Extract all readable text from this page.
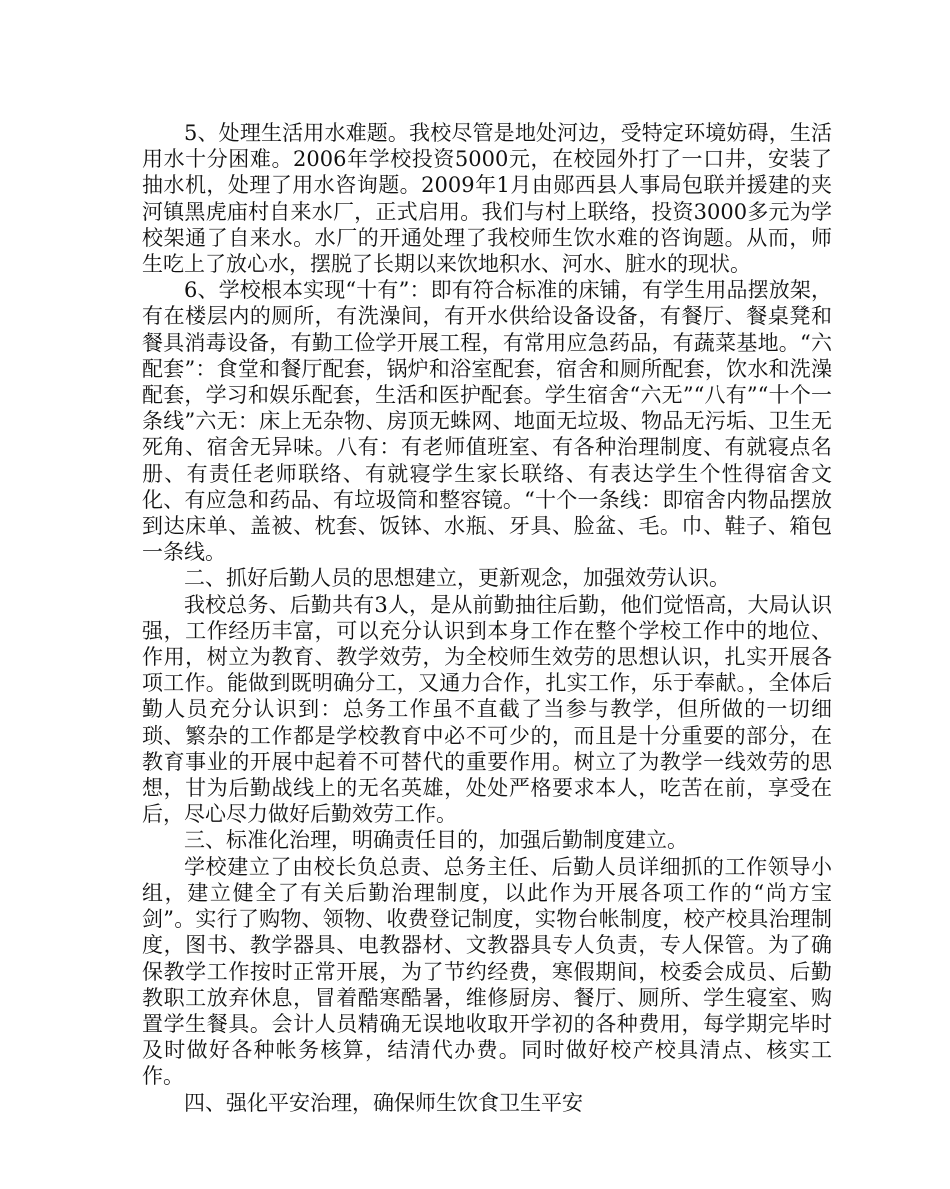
5、处理生活用水难题。我校尽管是地处河边，受特定环境妨碍，生活用水十分困难。2006年学校投资5000元，在校园外打了一口井，安装了抽水机，处理了用水咨询题。2009年1月由郧西县人事局包联并援建的夹河镇黑虎庙村自来水厂，正式启用。我们与村上联络，投资3000多元为学校架通了自来水。水厂的开通处理了我校师生饮水难的咨询题。从而，师生吃上了放心水，摆脱了长期以来饮地积水、河水、脏水的现状。

6、学校根本实现“十有”：即有符合标准的床铺，有学生用品摆放架，有在楼层内的厕所，有洗澡间，有开水供给设备设备，有餐厅、餐桌凳和餐具消毒设备，有勤工俭学开展工程，有常用应急药品，有蔬菜基地。“六配套”：食堂和餐厅配套，锅炉和浴室配套，宿舍和厕所配套，饮水和洗澡配套，学习和娱乐配套，生活和医护配套。学生宿舍“六无”“八有”“十个一条线”六无：床上无杂物、房顶无蛛网、地面无垃圾、物品无污垢、卫生无死角、宿舍无异味。八有：有老师值班室、有各种治理制度、有就寝点名册、有责任老师联络、有就寝学生家长联络、有表达学生个性得宿舍文化、有应急和药品、有垃圾筒和整容镜。“十个一条线：即宿舍内物品摆放到达床单、盖被、枕套、饭钵、水瓶、牙具、脸盆、毛。巾、鞋子、箱包一条线。

二、抓好后勤人员的思想建立，更新观念，加强效劳认识。

我校总务、后勤共有3人，是从前勤抽往后勤，他们觉悟高，大局认识强，工作经历丰富，可以充分认识到本身工作在整个学校工作中的地位、作用，树立为教育、教学效劳，为全校师生效劳的思想认识，扎实开展各项工作。能做到既明确分工，又通力合作，扎实工作，乐于奉献。，全体后勤人员充分认识到：总务工作虽不直截了当参与教学，但所做的一切细琐、繁杂的工作都是学校教育中必不可少的，而且是十分重要的部分，在教育事业的开展中起着不可替代的重要作用。树立了为教学一线效劳的思想，甘为后勤战线上的无名英雄，处处严格要求本人，吃苦在前，享受在后，尽心尽力做好后勤效劳工作。

三、标准化治理，明确责任目的，加强后勤制度建立。

学校建立了由校长负总责、总务主任、后勤人员详细抓的工作领导小组，建立健全了有关后勤治理制度，以此作为开展各项工作的“尚方宝剑”。实行了购物、领物、收费登记制度，实物台帐制度，校产校具治理制度，图书、教学器具、电教器材、文教器具专人负责，专人保管。为了确保教学工作按时正常开展，为了节约经费，寒假期间，校委会成员、后勤教职工放弃休息，冒着酷寒酷暑，维修厨房、餐厅、厕所、学生寝室、购置学生餐具。会计人员精确无误地收取开学初的各种费用，每学期完毕时及时做好各种帐务核算，结清代办费。同时做好校产校具清点、核实工作。

四、强化平安治理，确保师生饮食卫生平安
